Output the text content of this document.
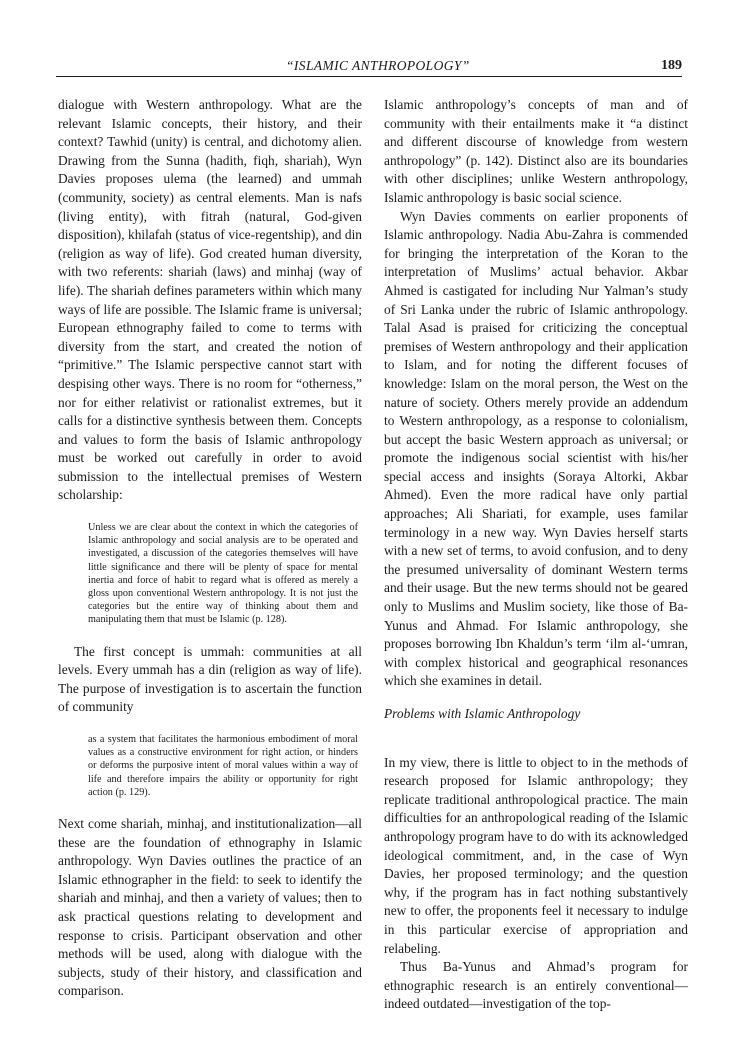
“ISLAMIC ANTHROPOLOGY”	189

dialogue with Western anthropology. What are the relevant Islamic concepts, their history, and their context? Tawhid (unity) is central, and dichotomy alien. Drawing from the Sunna (hadith, fiqh, shariah), Wyn Davies proposes ulema (the learned) and ummah (community, society) as central elements. Man is nafs (living entity), with fitrah (natural, God-given disposition), khilafah (status of vice-regentship), and din (religion as way of life). God created human diversity, with two referents: shariah (laws) and minhaj (way of life). The shariah defines parameters within which many ways of life are possible. The Islamic frame is universal; European ethnography failed to come to terms with diversity from the start, and created the notion of “primitive.” The Islamic perspective cannot start with despising other ways. There is no room for “otherness,” nor for either relativist or rationalist extremes, but it calls for a distinctive synthesis between them. Concepts and values to form the basis of Islamic anthropology must be worked out carefully in order to avoid submission to the intellectual premises of Western scholarship:

Unless we are clear about the context in which the categories of Islamic anthropology and social analysis are to be operated and investigated, a discussion of the categories themselves will have little significance and there will be plenty of space for mental inertia and force of habit to regard what is offered as merely a gloss upon conventional Western anthropology. It is not just the categories but the entire way of thinking about them and manipulating them that must be Islamic (p. 128).

The first concept is ummah: communities at all levels. Every ummah has a din (religion as way of life). The purpose of investigation is to ascertain the function of community

as a system that facilitates the harmonious embodiment of moral values as a constructive environment for right action, or hinders or deforms the purposive intent of moral values within a way of life and therefore impairs the ability or opportunity for right action (p. 129).

Next come shariah, minhaj, and institutionalization—all these are the foundation of ethnography in Islamic anthropology. Wyn Davies outlines the practice of an Islamic ethnographer in the field: to seek to identify the shariah and minhaj, and then a variety of values; then to ask practical questions relating to development and response to crisis. Participant observation and other methods will be used, along with dialogue with the subjects, study of their history, and classification and comparison.

Islamic anthropology’s concepts of man and of community with their entailments make it “a distinct and different discourse of knowledge from western anthropology” (p. 142). Distinct also are its boundaries with other disciplines; unlike Western anthropology, Islamic anthropology is basic social science.

Wyn Davies comments on earlier proponents of Islamic anthropology. Nadia Abu-Zahra is commended for bringing the interpretation of the Koran to the interpretation of Muslims’ actual behavior. Akbar Ahmed is castigated for including Nur Yalman’s study of Sri Lanka under the rubric of Islamic anthropology. Talal Asad is praised for criticizing the conceptual premises of Western anthropology and their application to Islam, and for noting the different focuses of knowledge: Islam on the moral person, the West on the nature of society. Others merely provide an addendum to Western anthropology, as a response to colonialism, but accept the basic Western approach as universal; or promote the indigenous social scientist with his/her special access and insights (Soraya Altorki, Akbar Ahmed). Even the more radical have only partial approaches; Ali Shariati, for example, uses familar terminology in a new way. Wyn Davies herself starts with a new set of terms, to avoid confusion, and to deny the presumed universality of dominant Western terms and their usage. But the new terms should not be geared only to Muslims and Muslim society, like those of Ba-Yunus and Ahmad. For Islamic anthropology, she proposes borrowing Ibn Khaldun’s term ‘ilm al-‘umran, with complex historical and geographical resonances which she examines in detail.

Problems with Islamic Anthropology

In my view, there is little to object to in the methods of research proposed for Islamic anthropology; they replicate traditional anthropological practice. The main difficulties for an anthropological reading of the Islamic anthropology program have to do with its acknowledged ideological commitment, and, in the case of Wyn Davies, her proposed terminology; and the question why, if the program has in fact nothing substantively new to offer, the proponents feel it necessary to indulge in this particular exercise of appropriation and relabeling.

Thus Ba-Yunus and Ahmad’s program for ethnographic research is an entirely conventional—indeed outdated—investigation of the top-
